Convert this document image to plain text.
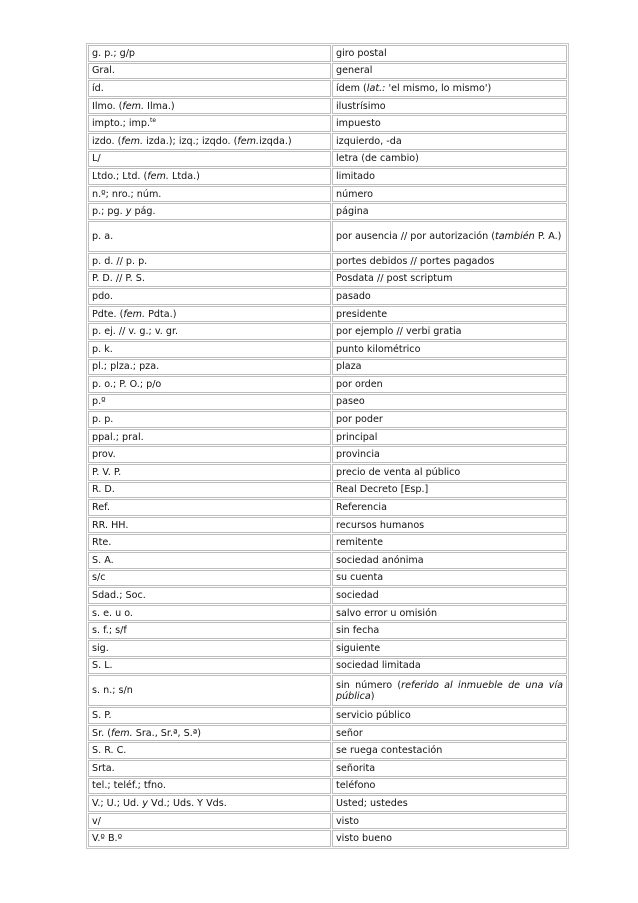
g. p.; g/p	giro postal
Gral.	general
íd.	ídem (lat.: 'el mismo, lo mismo')
Ilmo. (fem. Ilma.)	ilustrísimo
impto.; imp.$^{te}$	impuesto
izdo. (fem. izda.); izq.; izqdo. (fem.izqda.)	izquierdo, -da
L/	letra (de cambio)
Ltdo.; Ltd. (fem. Ltda.)	limitado
n.º; nro.; núm.	número
p.; pg. y pág.	página
p. a.	por ausencia // por autorización (también P. A.)
p. d. // p. p.	portes debidos // portes pagados
P. D. // P. S.	Posdata // post scriptum
pdo.	pasado
Pdte. (fem. Pdta.)	presidente
p. ej. // v. g.; v. gr.	por ejemplo // verbi gratia
p. k.	punto kilométrico
pl.; plza.; pza.	plaza
p. o.; P. O.; p/o	por orden
p.º	paseo
p. p.	por poder
ppal.; pral.	principal
prov.	provincia
P. V. P.	precio de venta al público
R. D.	Real Decreto [Esp.]
Ref.	Referencia
RR. HH.	recursos humanos
Rte.	remitente
S. A.	sociedad anónima
s/c	su cuenta
Sdad.; Soc.	sociedad
s. e. u o.	salvo error u omisión
s. f.; s/f	sin fecha
sig.	siguiente
S. L.	sociedad limitada
s. n.; s/n	sin número (referido al inmueble de una vía pública)
S. P.	servicio público
Sr. (fem. Sra., Sr.ª, S.ª)	señor
S. R. C.	se ruega contestación
Srta.	señorita
tel.; teléf.; tfno.	teléfono
V.; U.; Ud. y Vd.; Uds. Y Vds.	Usted; ustedes
v/	visto
V.º B.º	visto bueno
